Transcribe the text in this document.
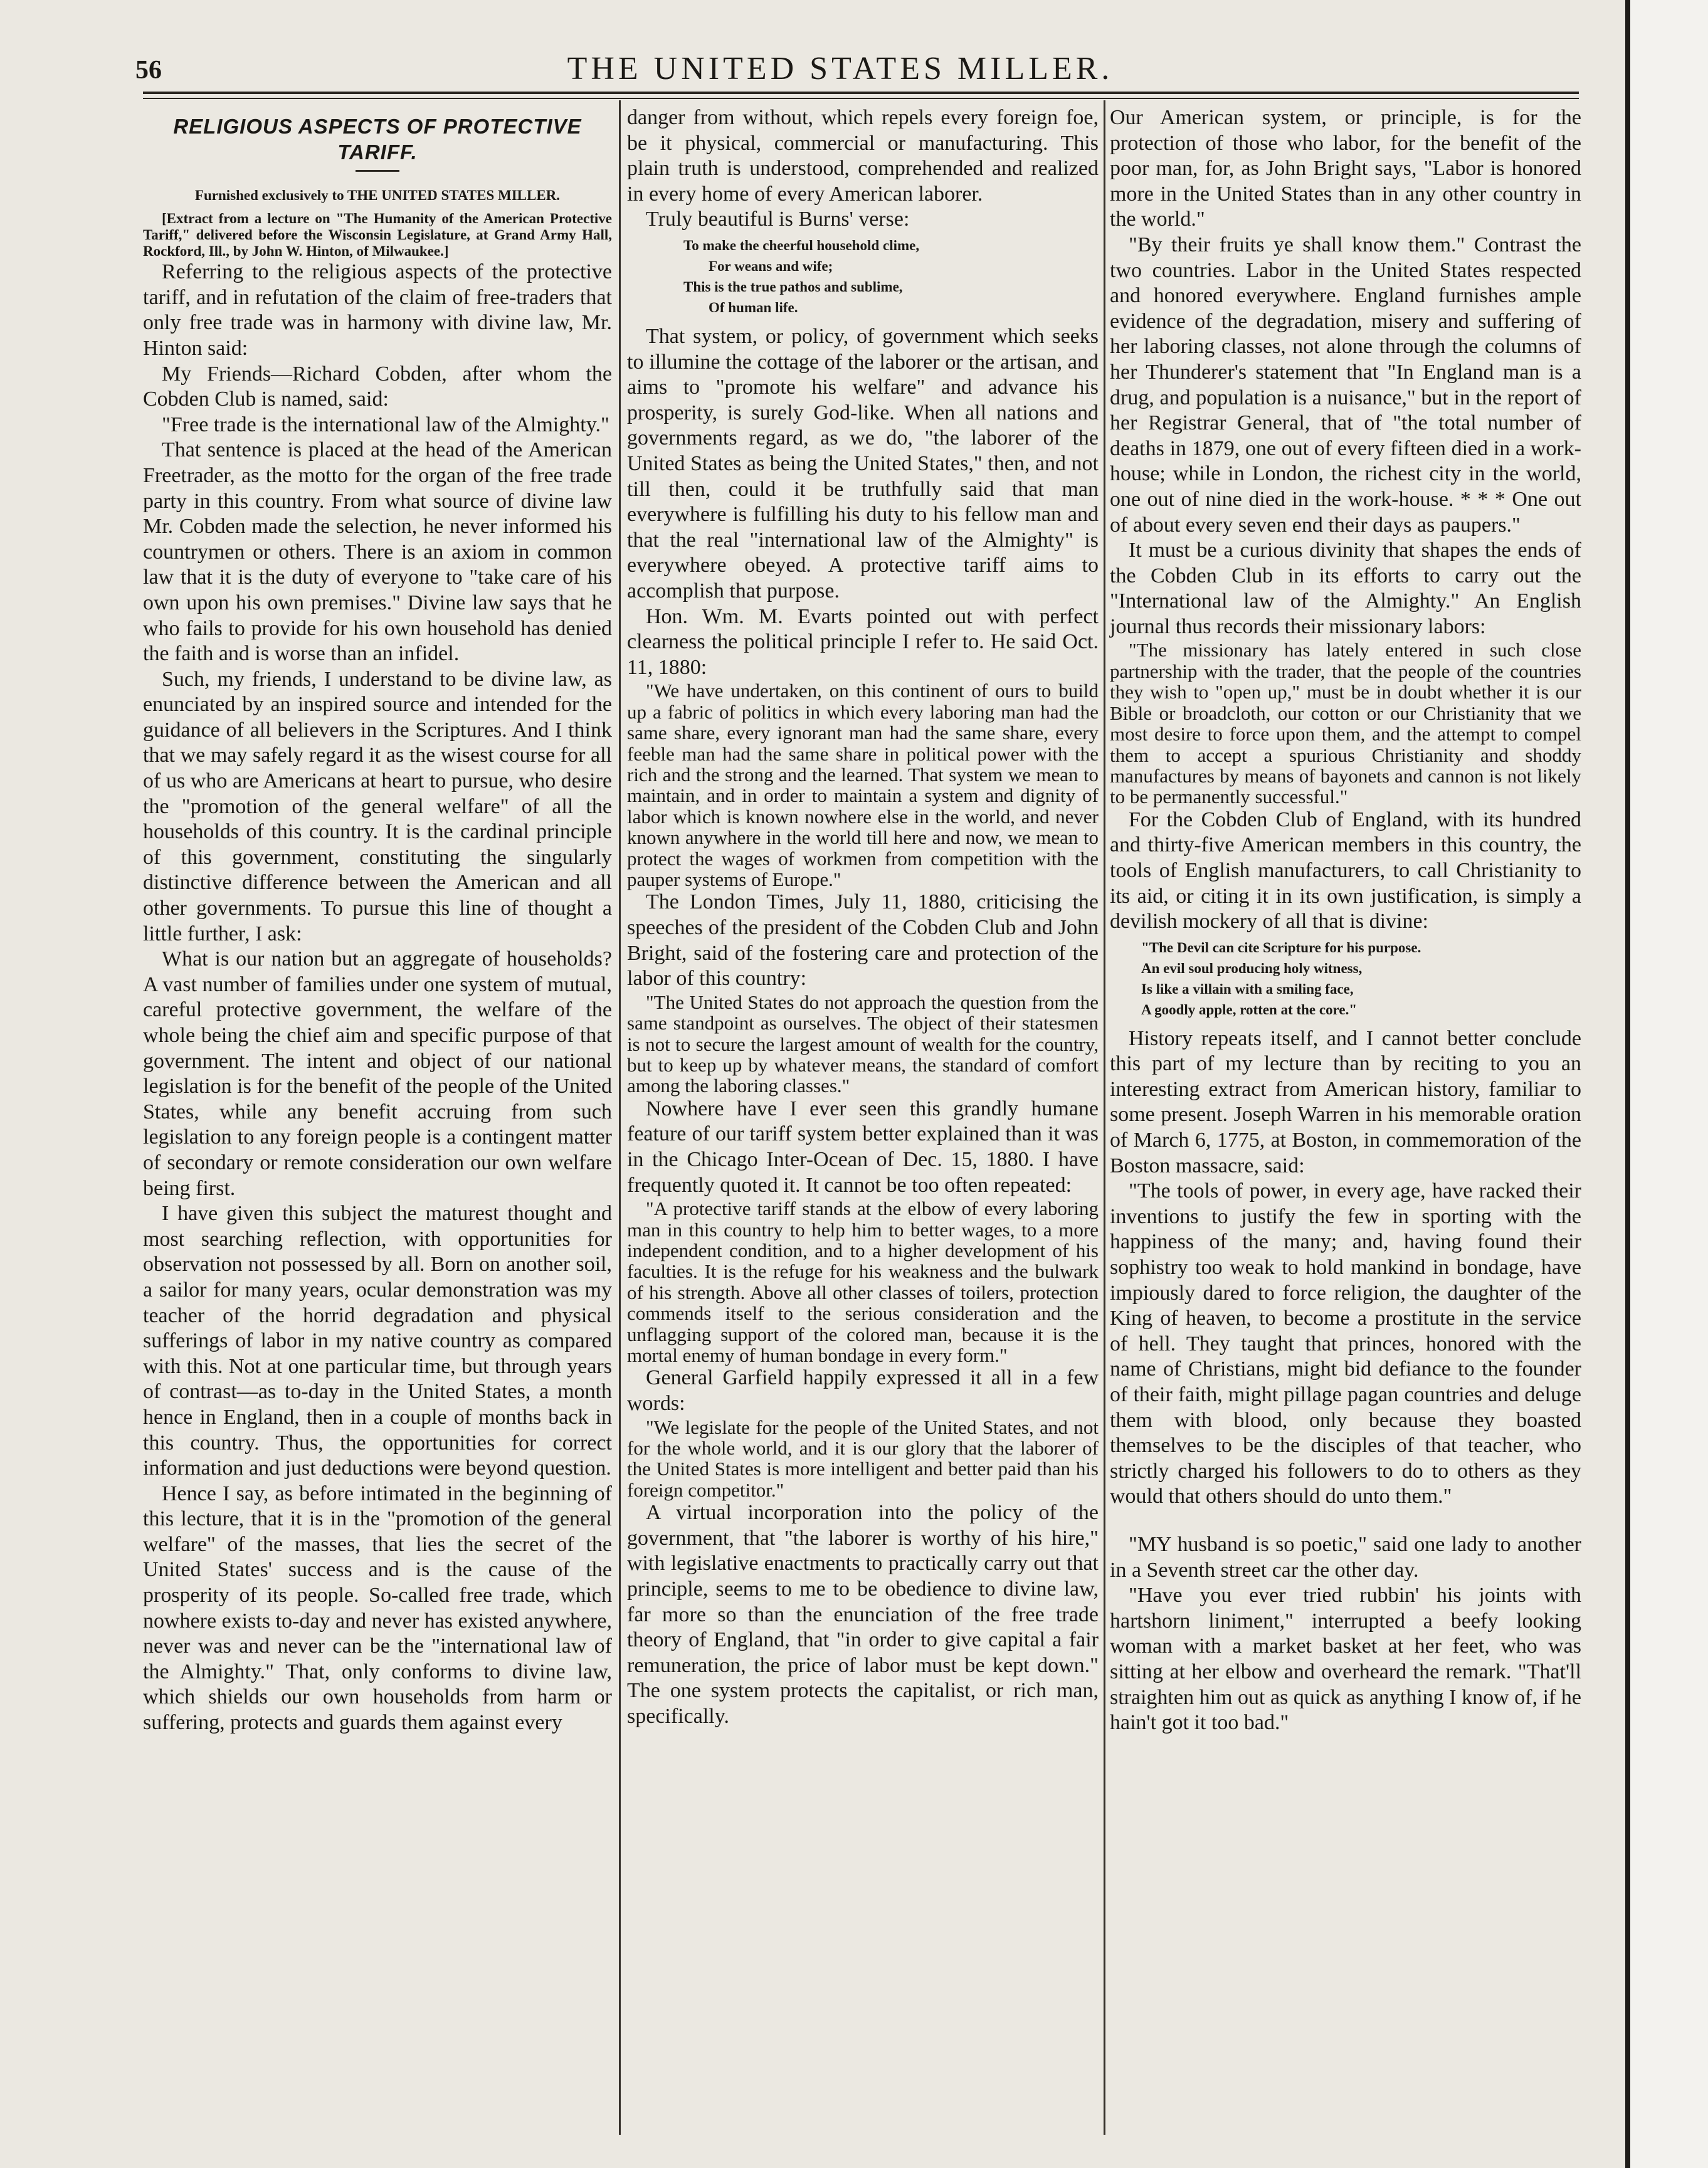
56	THE UNITED STATES MILLER.
RELIGIOUS ASPECTS OF PROTECTIVE TARIFF.
Furnished exclusively to THE UNITED STATES MILLER.

[Extract from a lecture on "The Humanity of the American Protective Tariff," delivered before the Wisconsin Legislature, at Grand Army Hall, Rockford, Ill., by John W. Hinton, of Milwaukee.]

Referring to the religious aspects of the protective tariff, and in refutation of the claim of free-traders that only free trade was in harmony with divine law, Mr. Hinton said:

My Friends—Richard Cobden, after whom the Cobden Club is named, said:

"Free trade is the international law of the Almighty."

That sentence is placed at the head of the American Freetrader, as the motto for the organ of the free trade party in this country. From what source of divine law Mr. Cobden made the selection, he never informed his countrymen or others. There is an axiom in common law that it is the duty of everyone to "take care of his own upon his own premises." Divine law says that he who fails to provide for his own household has denied the faith and is worse than an infidel.

Such, my friends, I understand to be divine law, as enunciated by an inspired source and intended for the guidance of all believers in the Scriptures. And I think that we may safely regard it as the wisest course for all of us who are Americans at heart to pursue, who desire the "promotion of the general welfare" of all the households of this country. It is the cardinal principle of this government, constituting the singularly distinctive difference between the American and all other governments. To pursue this line of thought a little further, I ask:

What is our nation but an aggregate of households? A vast number of families under one system of mutual, careful protective government, the welfare of the whole being the chief aim and specific purpose of that government. The intent and object of our national legislation is for the benefit of the people of the United States, while any benefit accruing from such legislation to any foreign people is a contingent matter of secondary or remote consideration our own welfare being first.

I have given this subject the maturest thought and most searching reflection, with opportunities for observation not possessed by all. Born on another soil, a sailor for many years, ocular demonstration was my teacher of the horrid degradation and physical sufferings of labor in my native country as compared with this. Not at one particular time, but through years of contrast—as to-day in the United States, a month hence in England, then in a couple of months back in this country. Thus, the opportunities for correct information and just deductions were beyond question.

Hence I say, as before intimated in the beginning of this lecture, that it is in the "promotion of the general welfare" of the masses, that lies the secret of the United States' success and is the cause of the prosperity of its people. So-called free trade, which nowhere exists to-day and never has existed anywhere, never was and never can be the "international law of the Almighty." That, only conforms to divine law, which shields our own households from harm or suffering, protects and guards them against every

danger from without, which repels every foreign foe, be it physical, commercial or manufacturing. This plain truth is understood, comprehended and realized in every home of every American laborer.

Truly beautiful is Burns' verse:

To make the cheerful household clime,
For weans and wife;
This is the true pathos and sublime,
Of human life.

That system, or policy, of government which seeks to illumine the cottage of the laborer or the artisan, and aims to "promote his welfare" and advance his prosperity, is surely God-like. When all nations and governments regard, as we do, "the laborer of the United States as being the United States," then, and not till then, could it be truthfully said that man everywhere is fulfilling his duty to his fellow man and that the real "international law of the Almighty" is everywhere obeyed. A protective tariff aims to accomplish that purpose.

Hon. Wm. M. Evarts pointed out with perfect clearness the political principle I refer to. He said Oct. 11, 1880:

"We have undertaken, on this continent of ours to build up a fabric of politics in which every laboring man had the same share, every ignorant man had the same share, every feeble man had the same share in political power with the rich and the strong and the learned. That system we mean to maintain, and in order to maintain a system and dignity of labor which is known nowhere else in the world, and never known anywhere in the world till here and now, we mean to protect the wages of workmen from competition with the pauper systems of Europe."

The London Times, July 11, 1880, criticising the speeches of the president of the Cobden Club and John Bright, said of the fostering care and protection of the labor of this country:

"The United States do not approach the question from the same standpoint as ourselves. The object of their statesmen is not to secure the largest amount of wealth for the country, but to keep up by whatever means, the standard of comfort among the laboring classes."

Nowhere have I ever seen this grandly humane feature of our tariff system better explained than it was in the Chicago Inter-Ocean of Dec. 15, 1880. I have frequently quoted it. It cannot be too often repeated:

"A protective tariff stands at the elbow of every laboring man in this country to help him to better wages, to a more independent condition, and to a higher development of his faculties. It is the refuge for his weakness and the bulwark of his strength. Above all other classes of toilers, protection commends itself to the serious consideration and the unflagging support of the colored man, because it is the mortal enemy of human bondage in every form."

General Garfield happily expressed it all in a few words:

"We legislate for the people of the United States, and not for the whole world, and it is our glory that the laborer of the United States is more intelligent and better paid than his foreign competitor."

A virtual incorporation into the policy of the government, that "the laborer is worthy of his hire," with legislative enactments to practically carry out that principle, seems to me to be obedience to divine law, far more so than the enunciation of the free trade theory of England, that "in order to give capital a fair remuneration, the price of labor must be kept down." The one system protects the capitalist, or rich man, specifically.

Our American system, or principle, is for the protection of those who labor, for the benefit of the poor man, for, as John Bright says, "Labor is honored more in the United States than in any other country in the world."

"By their fruits ye shall know them." Contrast the two countries. Labor in the United States respected and honored everywhere. England furnishes ample evidence of the degradation, misery and suffering of her laboring classes, not alone through the columns of her Thunderer's statement that "In England man is a drug, and population is a nuisance," but in the report of her Registrar General, that of "the total number of deaths in 1879, one out of every fifteen died in a work-house; while in London, the richest city in the world, one out of nine died in the work-house. * * * One out of about every seven end their days as paupers."

It must be a curious divinity that shapes the ends of the Cobden Club in its efforts to carry out the "International law of the Almighty." An English journal thus records their missionary labors:

"The missionary has lately entered in such close partnership with the trader, that the people of the countries they wish to "open up," must be in doubt whether it is our Bible or broadcloth, our cotton or our Christianity that we most desire to force upon them, and the attempt to compel them to accept a spurious Christianity and shoddy manufactures by means of bayonets and cannon is not likely to be permanently successful."

For the Cobden Club of England, with its hundred and thirty-five American members in this country, the tools of English manufacturers, to call Christianity to its aid, or citing it in its own justification, is simply a devilish mockery of all that is divine:

"The Devil can cite Scripture for his purpose.
An evil soul producing holy witness,
Is like a villain with a smiling face,
A goodly apple, rotten at the core."

History repeats itself, and I cannot better conclude this part of my lecture than by reciting to you an interesting extract from American history, familiar to some present. Joseph Warren in his memorable oration of March 6, 1775, at Boston, in commemoration of the Boston massacre, said:

"The tools of power, in every age, have racked their inventions to justify the few in sporting with the happiness of the many; and, having found their sophistry too weak to hold mankind in bondage, have impiously dared to force religion, the daughter of the King of heaven, to become a prostitute in the service of hell. They taught that princes, honored with the name of Christians, might bid defiance to the founder of their faith, might pillage pagan countries and deluge them with blood, only because they boasted themselves to be the disciples of that teacher, who strictly charged his followers to do to others as they would that others should do unto them."

"MY husband is so poetic," said one lady to another in a Seventh street car the other day.

"Have you ever tried rubbin' his joints with hartshorn liniment," interrupted a beefy looking woman with a market basket at her feet, who was sitting at her elbow and overheard the remark. "That'll straighten him out as quick as anything I know of, if he hain't got it too bad."
